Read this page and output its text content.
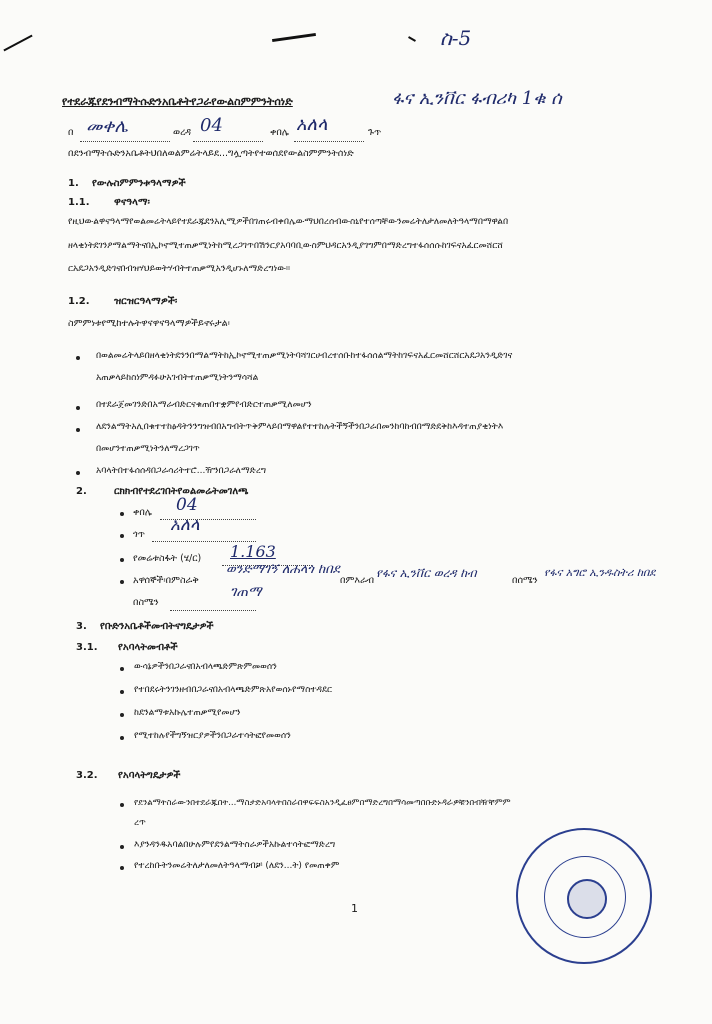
ስ-5
ፋና ኢንቨር ፋብሪካ 1ቁ ሰ
የተደራጁየደንብማትሱድንአቤቶትየጋራየውልስምምንትሰነድ
በ መቀሌ	ወረዳ 04	ቀበሌ አለላ	ጉጥ
በደንብማትሱድንአቤቶትህበለወልምሬትላይደ...ግሏጣትየተወሰደየውልስምምንትሰነድ
1. የውሉስምምንቱዓላማዎች
1.1. ዋናዓላማ፡
የዚህውልዋናዓላማየወልመሬትላይየተደራጁደንአሊሚዎችበገጠሩብቀበሌውማህበረሰብውስኒየተሰጣቸውንመሬትለታለመለትዓላማበማዋልበ
ዘላቂነትደገንዖማልማትናበኢኮኖሚተጠቃሚነትከሚረጋገጥበሽንርያአባባቢውስምህዳርአንዲያገግምበማድረግተፋሰሰሱከገፍናአፈርመሸርሸ
ርአደጋአንዲድገናበብዝሃህይወትሃብትተጠቃሚአንዲሆኑለማድረግነው።
1.2. ዝርዝርዓላማዎች፡
ስምምነቱየሚከተሉትዋናዋናዓላማዎችይኖሩታል፡
በወልመሬትላይበዘላቂነትደንንበማልማትከኢኮኖሚተጠቃሚነትባሻገርሀብረተሰቡከተፋሰሰልማትከገፍናአፈርመሸርሸርአደጋአንዲድገና
አጠቃላይከስነምዳፉሁአገብትተጠቃሚነትንማሳሻል
በተደራጀመገንድበአማራብድርናቁጠበተቋምየብድርተጠቃሚለመሆን
ለደንልማትአሊበቁተተከፅዳትንንግዝብበአግብትጥቅምላይበማዋልየተተከሉትችኝችንበጋራበመንከባከብበማድደቅከእዳተጠያቂነትእ
በመሆንተጠቃሚነትንለማረጋገጥ
አባላትበተፋሰሰዳበጋራሳሪትተሮ...ዥንበጋራለማድረግ
2.	ርክክብየተደረገበትየወልመሬትመገለጫ
ቀበሌ 04
ጎጥ አለላ
የመሬቱስፋት (ሄ/ር) 1.163
አዋሰኞች፡በምስራቅ
ወንድማገኝ ለሐላጎ ከበደ
በምእራብ
የፋና ኢንቨር ወረዳ ከብ
በሰሜን
የፋና አግሮ ኢንዱስትሪ ከበደ
በስሜን
ገጠማ
3. የቡድንአቤቶችመብትናግዴታዎች
3.1. የአባላትመብቶች
ውሳኔዎችንበጋራናበአብላጫድምጽምመወሰን
የተበደሩትንገንዘብበጋራናበአብላጫድምጽአየወሰኑየማስተዳደር
ከደንልማቱአኩሌተጠቃሚየመሆን
የሚተከሉየችግኝዝርያዎችንበጋራተሳትፎየመወሰን
3.2. የአባላትግዴታዎች
የደንልማትስራውንበተደራጁበት...ማስታድአባላትበስራበዋፍፍስአንዲፈፀምበማድረግበማሳመጣበቡድኑዳራዎቹንበብዥቸምም
ረጥ
እያንዳንዱአባልበሁሉምየደንልማትስራዎችአኩልተሳትፎማድረግ
የተረከቡትንመሬትለታለመለትዓላማብቻ (ለደን...ት) የመጠቀም
1
